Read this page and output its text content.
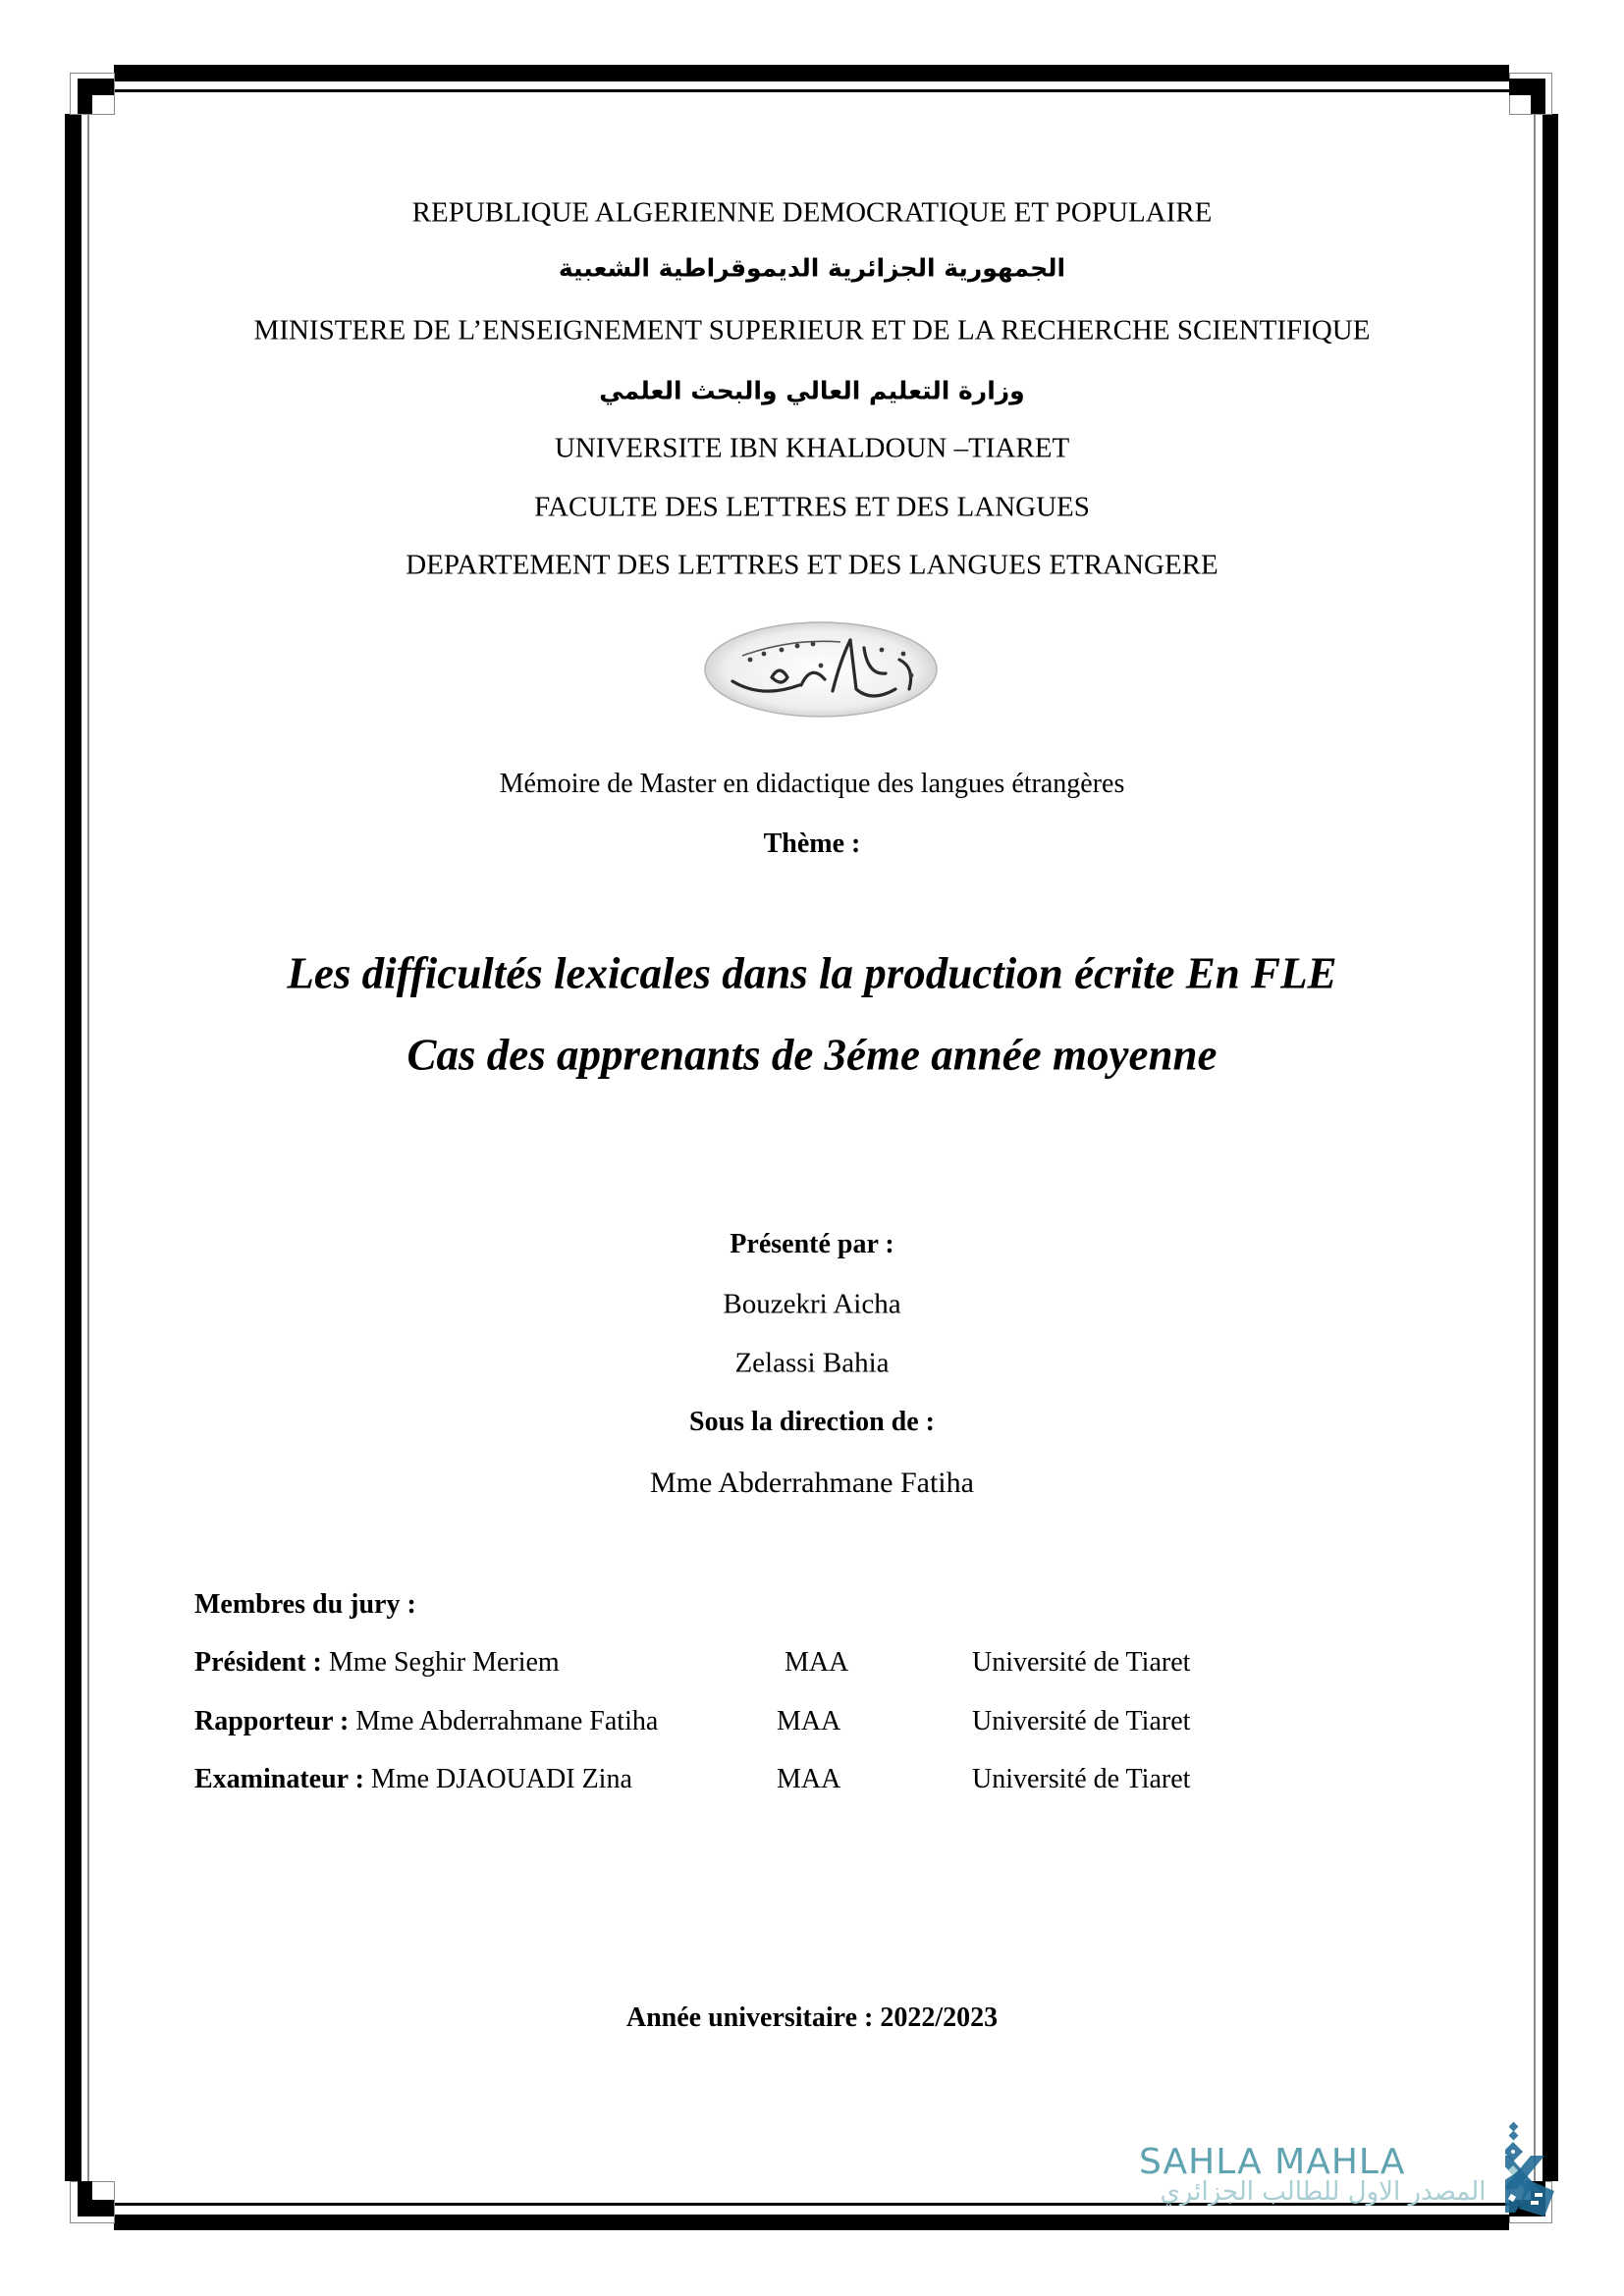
REPUBLIQUE ALGERIENNE DEMOCRATIQUE ET POPULAIRE
الجمهورية الجزائرية الديموقراطية الشعبية
MINISTERE DE L’ENSEIGNEMENT SUPERIEUR ET DE LA RECHERCHE SCIENTIFIQUE
وزارة التعليم العالي والبحث العلمي
UNIVERSITE IBN KHALDOUN –TIARET
FACULTE DES LETTRES ET DES LANGUES
DEPARTEMENT DES LETTRES ET DES LANGUES ETRANGERE
Mémoire de Master en didactique des langues étrangères
Thème :
Les difficultés lexicales dans la production écrite En FLE
Cas des apprenants de 3éme année moyenne
Présenté par :
Bouzekri Aicha
Zelassi Bahia
Sous la direction de :
Mme Abderrahmane Fatiha
Membres du jury :
Président : Mme Seghir Meriem	MAA	Université de Tiaret
Rapporteur : Mme Abderrahmane Fatiha	MAA	Université de Tiaret
Examinateur : Mme DJAOUADI Zina	MAA	Université de Tiaret
Année universitaire : 2022/2023
SAHLA MAHLA
المصدر الاول للطالب الجزائري
